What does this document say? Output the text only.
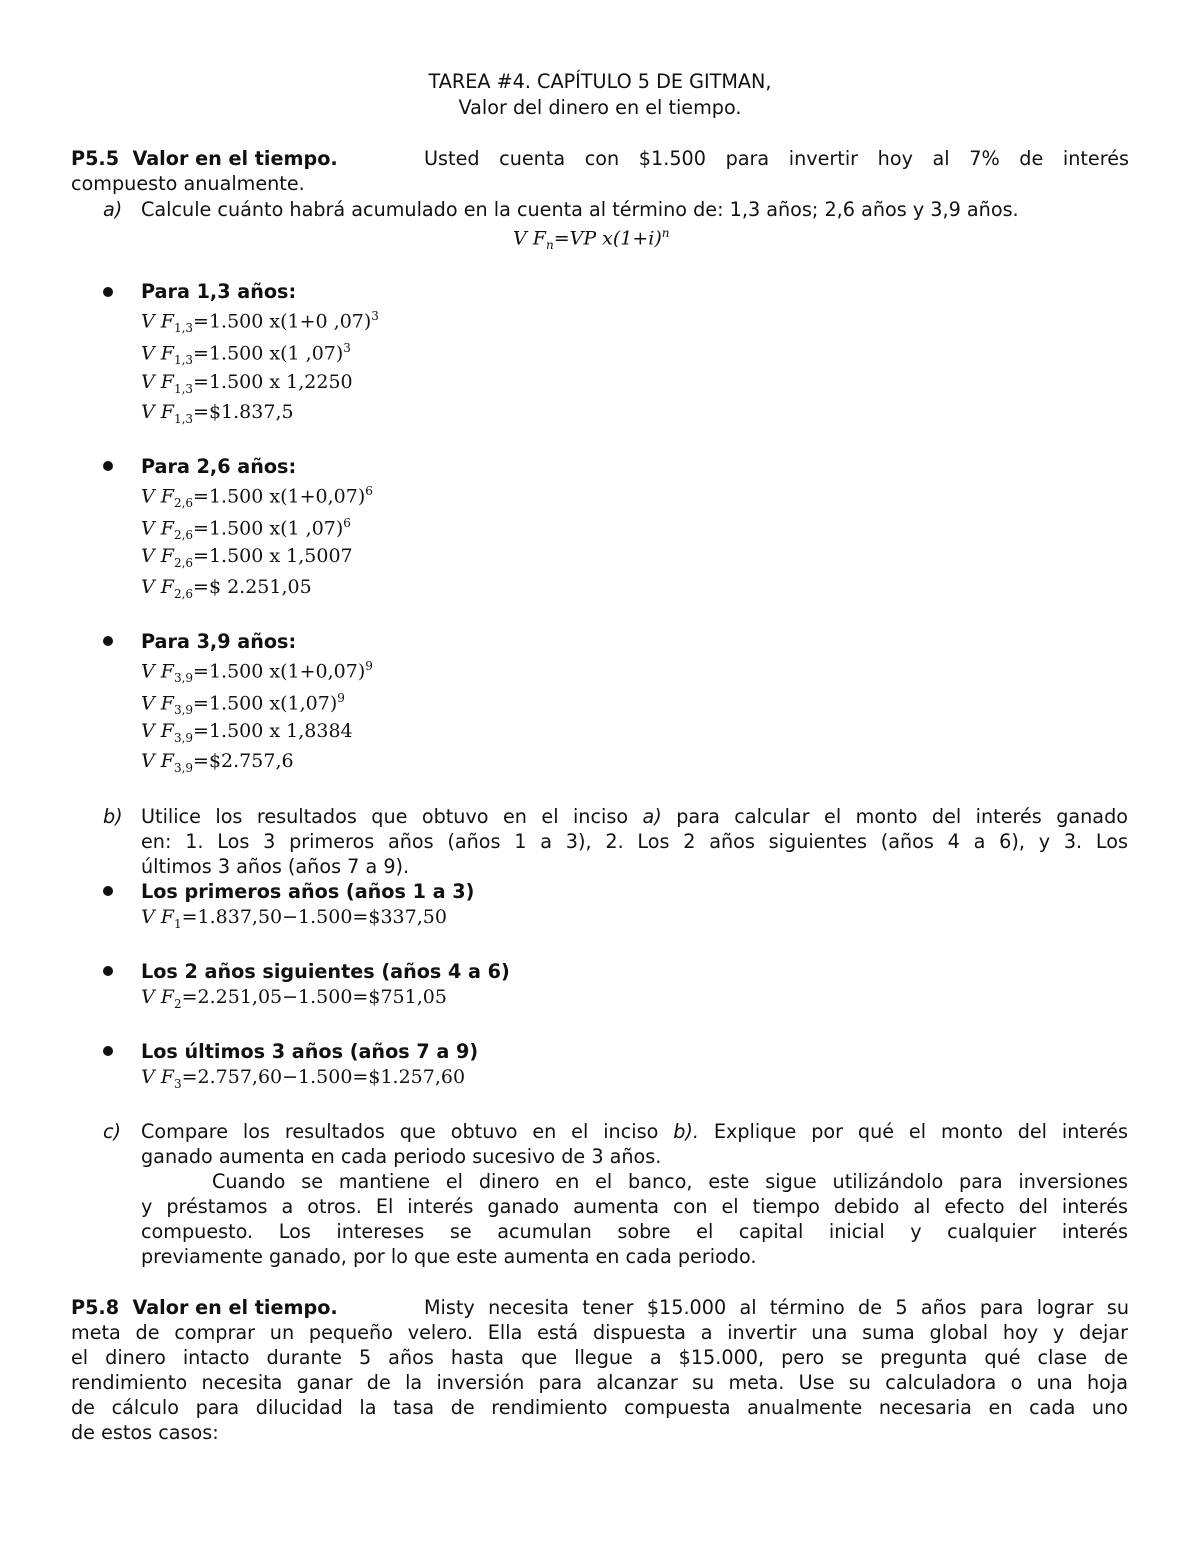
TAREA #4. CAPÍTULO 5 DE GITMAN,
Valor del dinero en el tiempo.
P5.5 Valor en el tiempo.	Usted cuenta con $1.500 para invertir hoy al 7% de interés
compuesto anualmente.
a) Calcule cuánto habrá acumulado en la cuenta al término de: 1,3 años; 2,6 años y 3,9 años.
V $F_n=VP$ $x(1+i)^n$
Para 1,3 años:
V $F_{1,3}=1.500$ x(1+0 ,07)$^3$
V $F_{1,3}=1.500$ x(1 ,07)$^3$
V $F_{1,3}=1.500$ x 1,2250
V $F_{1,3}=\$1.837,5$
Para 2,6 años:
V $F_{2,6}=1.500$ $x(1+0,07)^6$
V $F_{2,6}=1.500$ x(1 ,07)$^6$
V $F_{2,6}=1.500$ x 1,5007
V $F_{2,6}=\$$ 2.251,05
Para 3,9 años:
V $F_{3,9}=1.500$ $x(1+0,07)^9$
V $F_{3,9}=1.500$ $x(1,07)^9$
V $F_{3,9}=1.500$ x 1,8384
V $F_{3,9}=\$2.757,6$
b) Utilice los resultados que obtuvo en el inciso a) para calcular el monto del interés ganado
en: 1. Los 3 primeros años (años 1 a 3), 2. Los 2 años siguientes (años 4 a 6), y 3. Los
últimos 3 años (años 7 a 9).
Los primeros años (años 1 a 3)
V $F_1=1.837,50-1.500=\$337,50$
Los 2 años siguientes (años 4 a 6)
V $F_2=2.251,05-1.500=\$751,05$
Los últimos 3 años (años 7 a 9)
V $F_3=2.757,60-1.500=\$1.257,60$
c) Compare los resultados que obtuvo en el inciso b). Explique por qué el monto del interés
ganado aumenta en cada periodo sucesivo de 3 años.
Cuando se mantiene el dinero en el banco, este sigue utilizándolo para inversiones
y préstamos a otros. El interés ganado aumenta con el tiempo debido al efecto del interés
compuesto. Los intereses se acumulan sobre el capital inicial y cualquier interés
previamente ganado, por lo que este aumenta en cada periodo.
P5.8 Valor en el tiempo.	Misty necesita tener $15.000 al término de 5 años para lograr su
meta de comprar un pequeño velero. Ella está dispuesta a invertir una suma global hoy y dejar
el dinero intacto durante 5 años hasta que llegue a $15.000, pero se pregunta qué clase de
rendimiento necesita ganar de la inversión para alcanzar su meta. Use su calculadora o una hoja
de cálculo para dilucidad la tasa de rendimiento compuesta anualmente necesaria en cada uno
de estos casos:
